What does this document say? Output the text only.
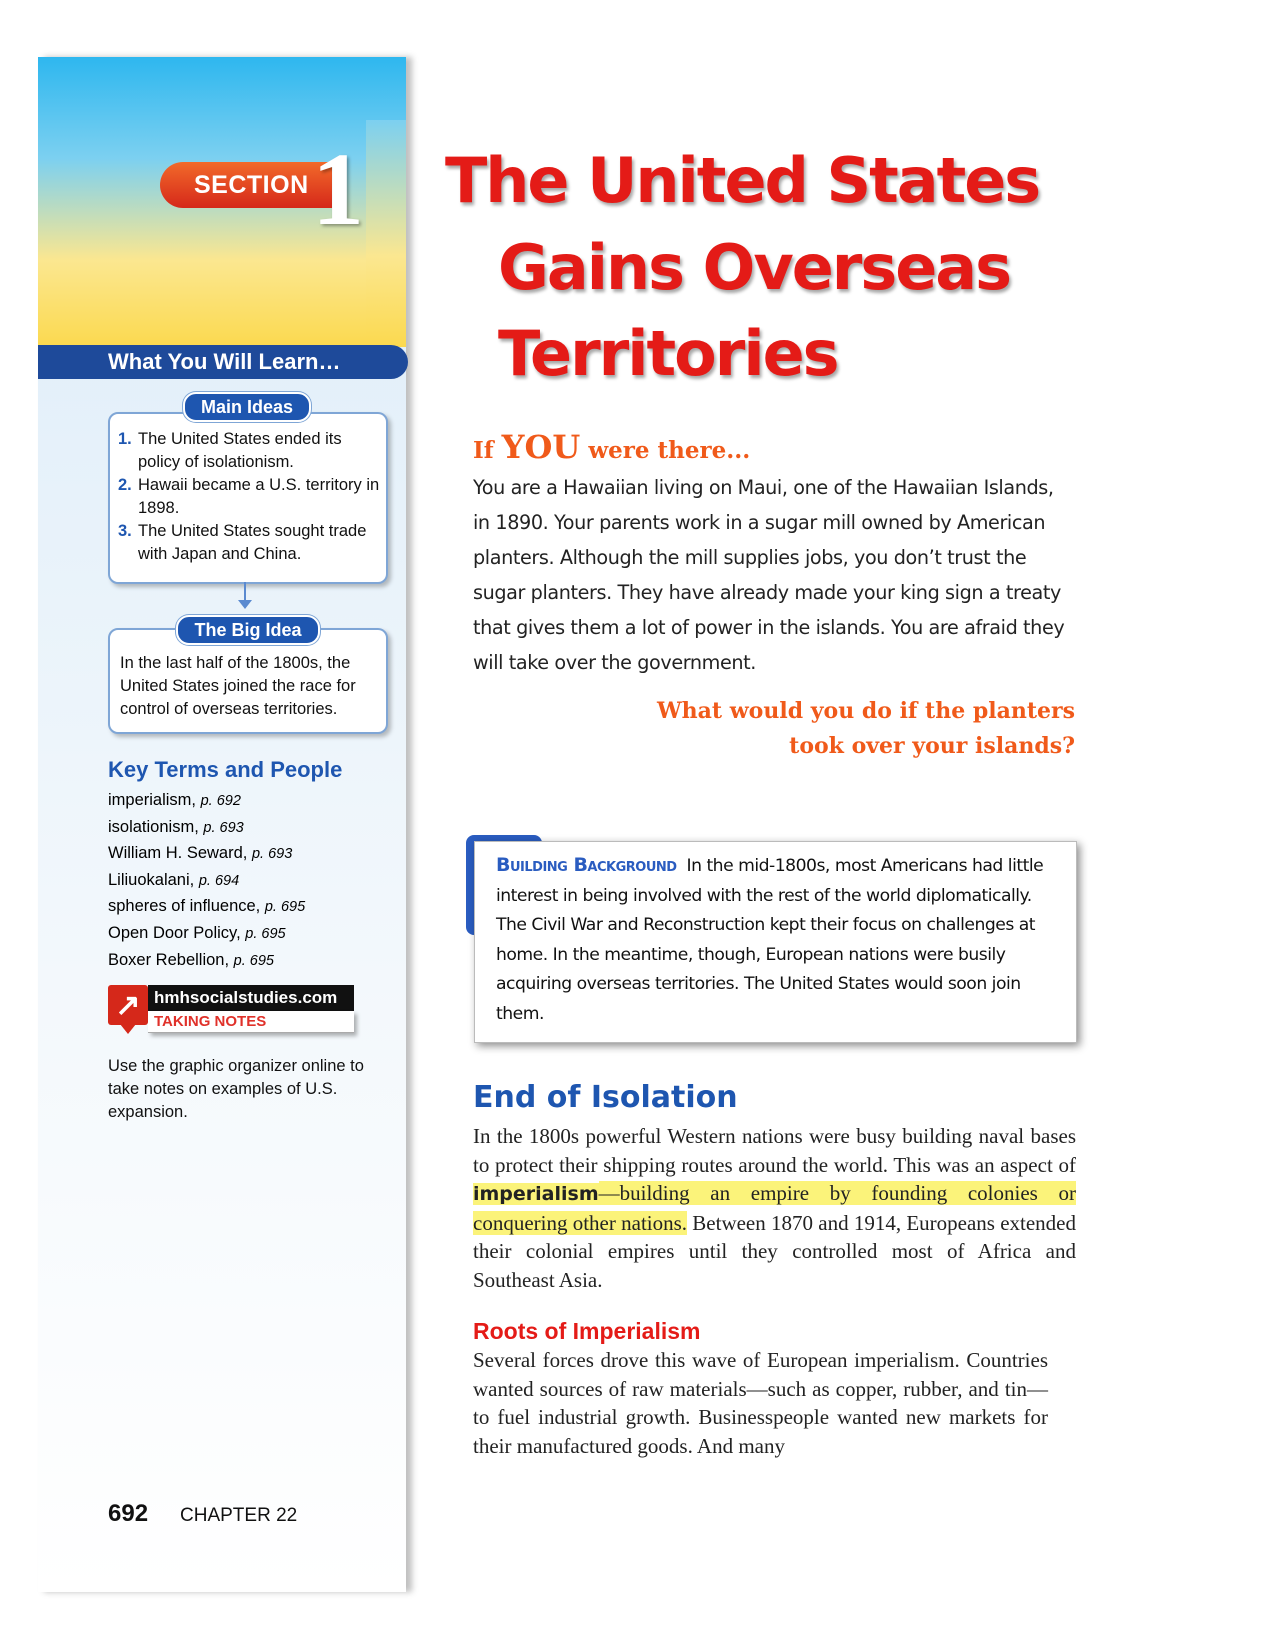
SECTION 1
What You Will Learn…
Main Ideas
1. The United States ended its policy of isolationism.
2. Hawaii became a U.S. territory in 1898.
3. The United States sought trade with Japan and China.
The Big Idea
In the last half of the 1800s, the United States joined the race for control of overseas territories.
Key Terms and People
imperialism, p. 692
isolationism, p. 693
William H. Seward, p. 693
Liliuokalani, p. 694
spheres of influence, p. 695
Open Door Policy, p. 695
Boxer Rebellion, p. 695
↗ hmhsocialstudies.com
TAKING NOTES
Use the graphic organizer online to take notes on examples of U.S. expansion.
692 CHAPTER 22
The United States
Gains Overseas
Territories
If YOU were there...
You are a Hawaiian living on Maui, one of the Hawaiian Islands, in 1890. Your parents work in a sugar mill owned by American planters. Although the mill supplies jobs, you don’t trust the sugar planters. They have already made your king sign a treaty that gives them a lot of power in the islands. You are afraid they will take over the government.
What would you do if the planters took over your islands?
Building Background In the mid-1800s, most Americans had little interest in being involved with the rest of the world diplomatically. The Civil War and Reconstruction kept their focus on challenges at home. In the meantime, though, European nations were busily acquiring overseas territories. The United States would soon join them.
End of Isolation
In the 1800s powerful Western nations were busy building naval bases to protect their shipping routes around the world. This was an aspect of imperialism—building an empire by founding colonies or conquering other nations. Between 1870 and 1914, Europeans extended their colonial empires until they controlled most of Africa and Southeast Asia.
Roots of Imperialism
Several forces drove this wave of European imperialism. Countries wanted sources of raw materials—such as copper, rubber, and tin—to fuel industrial growth. Businesspeople wanted new markets for their manufactured goods. And many
